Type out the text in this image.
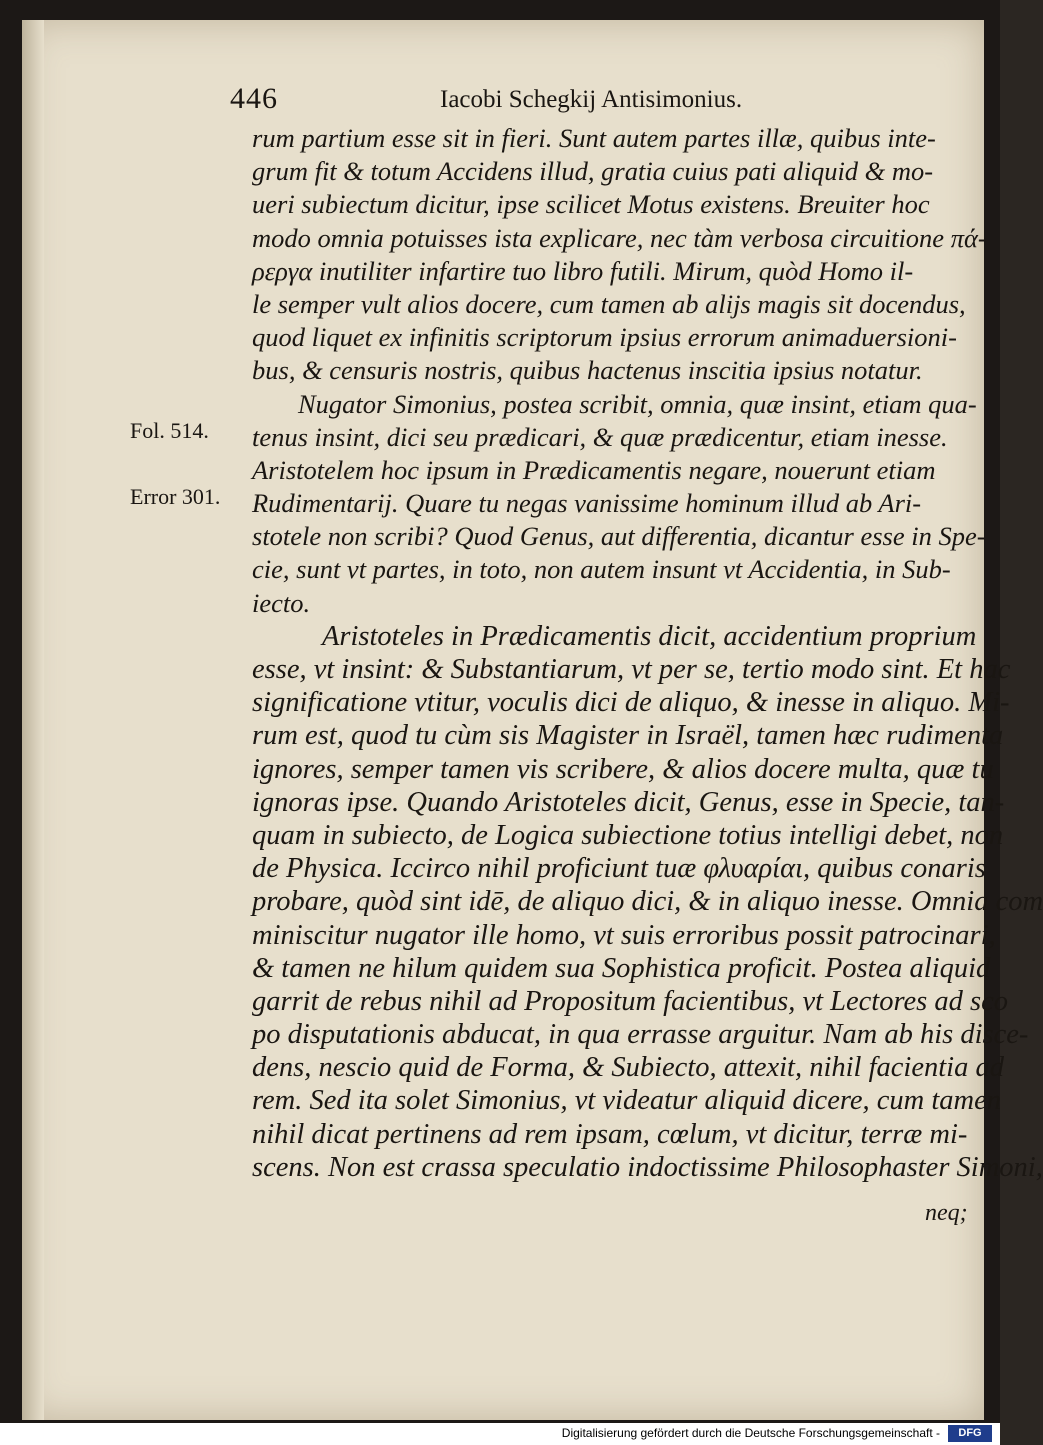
446	Iacobi Schegkij Antisimonius.
Fol. 514.
Error 301.
rum partium esse sit in fieri. Sunt autem partes illæ, quibus inte-
grum fit & totum Accidens illud, gratia cuius pati aliquid & mo-
ueri subiectum dicitur, ipse scilicet Motus existens. Breuiter hoc
modo omnia potuisses ista explicare, nec tàm verbosa circuitione πά-
ρεργα inutiliter infartire tuo libro futili. Mirum, quòd Homo il-
le semper vult alios docere, cum tamen ab alijs magis sit docendus,
quod liquet ex infinitis scriptorum ipsius errorum animaduersioni-
bus, & censuris nostris, quibus hactenus inscitia ipsius notatur.
Nugator Simonius, postea scribit, omnia, quæ insint, etiam qua-
tenus insint, dici seu prædicari, & quæ prædicentur, etiam inesse.
Aristotelem hoc ipsum in Prædicamentis negare, nouerunt etiam
Rudimentarij. Quare tu negas vanissime hominum illud ab Ari-
stotele non scribi? Quod Genus, aut differentia, dicantur esse in Spe-
cie, sunt vt partes, in toto, non autem insunt vt Accidentia, in Sub-
iecto.
Aristoteles in Prædicamentis dicit, accidentium proprium
esse, vt insint: & Substantiarum, vt per se, tertio modo sint. Et hac
significatione vtitur, voculis dici de aliquo, & inesse in aliquo. Mi-
rum est, quod tu cùm sis Magister in Israël, tamen hæc rudimenta
ignores, semper tamen vis scribere, & alios docere multa, quæ tu
ignoras ipse. Quando Aristoteles dicit, Genus, esse in Specie, tan-
quam in subiecto, de Logica subiectione totius intelligi debet, non
de Physica. Iccirco nihil proficiunt tuæ φλυαρίαι, quibus conaris
probare, quòd sint idē, de aliquo dici, & in aliquo inesse. Omnia com
miniscitur nugator ille homo, vt suis erroribus possit patrocinari,
& tamen ne hilum quidem sua Sophistica proficit. Postea aliquid
garrit de rebus nihil ad Propositum facientibus, vt Lectores ad sco
po disputationis abducat, in qua errasse arguitur. Nam ab his disce-
dens, nescio quid de Forma, & Subiecto, attexit, nihil facientia ad
rem. Sed ita solet Simonius, vt videatur aliquid dicere, cum tamen
nihil dicat pertinens ad rem ipsam, cœlum, vt dicitur, terræ mi-
scens. Non est crassa speculatio indoctissime Philosophaster Simoni,
neq;
Digitalisierung gefördert durch die Deutsche Forschungsgemeinschaft -	DFG
